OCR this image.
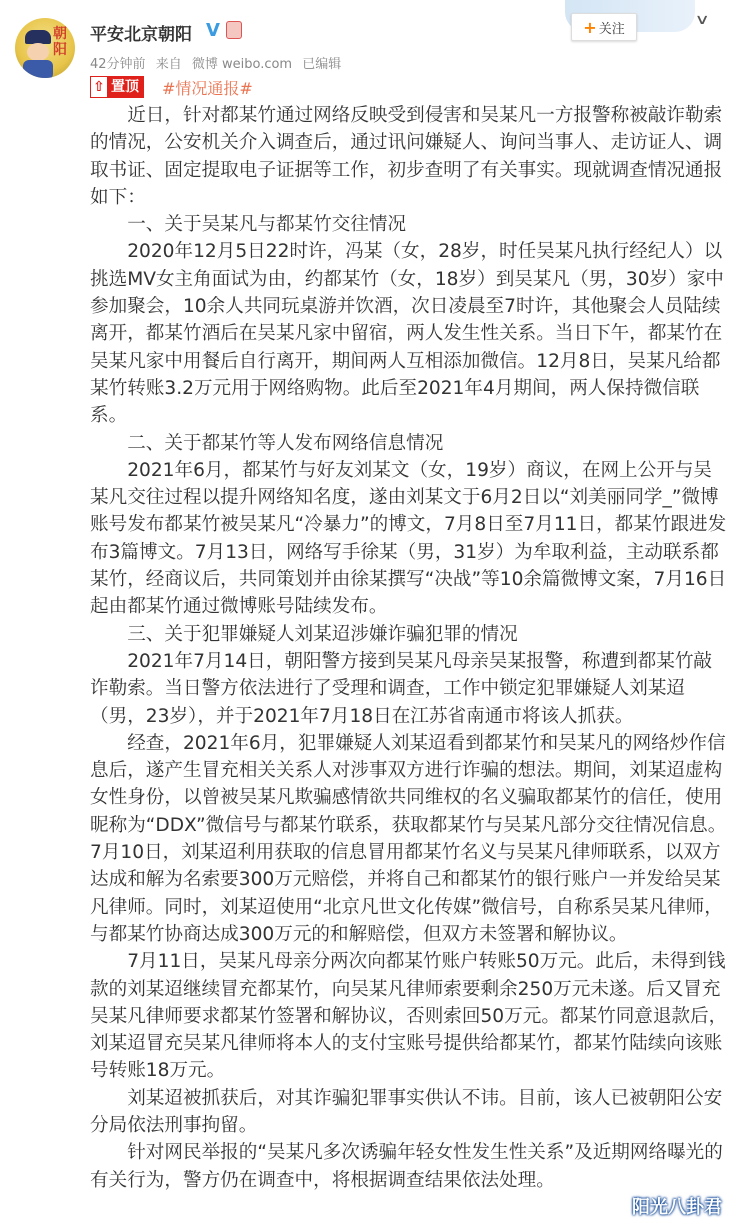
朝阳
平安北京朝阳 V
42分钟前 来自 微博 weibo.com 已编辑
+ 关注
∨
⇧ 置顶 #情况通报#

近日，针对都某竹通过网络反映受到侵害和吴某凡一方报警称被敲诈勒索的情况，公安机关介入调查后，通过讯问嫌疑人、询问当事人、走访证人、调取书证、固定提取电子证据等工作，初步查明了有关事实。现就调查情况通报如下：

一、关于吴某凡与都某竹交往情况

2020年12月5日22时许，冯某（女，28岁，时任吴某凡执行经纪人）以挑选MV女主角面试为由，约都某竹（女，18岁）到吴某凡（男，30岁）家中参加聚会，10余人共同玩桌游并饮酒，次日凌晨至7时许，其他聚会人员陆续离开，都某竹酒后在吴某凡家中留宿，两人发生性关系。当日下午，都某竹在吴某凡家中用餐后自行离开，期间两人互相添加微信。12月8日，吴某凡给都某竹转账3.2万元用于网络购物。此后至2021年4月期间，两人保持微信联系。

二、关于都某竹等人发布网络信息情况

2021年6月，都某竹与好友刘某文（女，19岁）商议，在网上公开与吴某凡交往过程以提升网络知名度，遂由刘某文于6月2日以“刘美丽同学_”微博账号发布都某竹被吴某凡“冷暴力”的博文，7月8日至7月11日，都某竹跟进发布3篇博文。7月13日，网络写手徐某（男，31岁）为牟取利益，主动联系都某竹，经商议后，共同策划并由徐某撰写“决战”等10余篇微博文案，7月16日起由都某竹通过微博账号陆续发布。

三、关于犯罪嫌疑人刘某迢涉嫌诈骗犯罪的情况

2021年7月14日，朝阳警方接到吴某凡母亲吴某报警，称遭到都某竹敲诈勒索。当日警方依法进行了受理和调查，工作中锁定犯罪嫌疑人刘某迢（男，23岁），并于2021年7月18日在江苏省南通市将该人抓获。

经查，2021年6月，犯罪嫌疑人刘某迢看到都某竹和吴某凡的网络炒作信息后，遂产生冒充相关关系人对涉事双方进行诈骗的想法。期间，刘某迢虚构女性身份，以曾被吴某凡欺骗感情欲共同维权的名义骗取都某竹的信任，使用昵称为“DDX”微信号与都某竹联系，获取都某竹与吴某凡部分交往情况信息。7月10日，刘某迢利用获取的信息冒用都某竹名义与吴某凡律师联系，以双方达成和解为名索要300万元赔偿，并将自己和都某竹的银行账户一并发给吴某凡律师。同时，刘某迢使用“北京凡世文化传媒”微信号，自称系吴某凡律师，与都某竹协商达成300万元的和解赔偿，但双方未签署和解协议。

7月11日，吴某凡母亲分两次向都某竹账户转账50万元。此后，未得到钱款的刘某迢继续冒充都某竹，向吴某凡律师索要剩余250万元未遂。后又冒充吴某凡律师要求都某竹签署和解协议，否则索回50万元。都某竹同意退款后，刘某迢冒充吴某凡律师将本人的支付宝账号提供给都某竹，都某竹陆续向该账号转账18万元。

刘某迢被抓获后，对其诈骗犯罪事实供认不讳。目前，该人已被朝阳公安分局依法刑事拘留。

针对网民举报的“吴某凡多次诱骗年轻女性发生性关系”及近期网络曝光的有关行为，警方仍在调查中，将根据调查结果依法处理。

阳光八卦君
